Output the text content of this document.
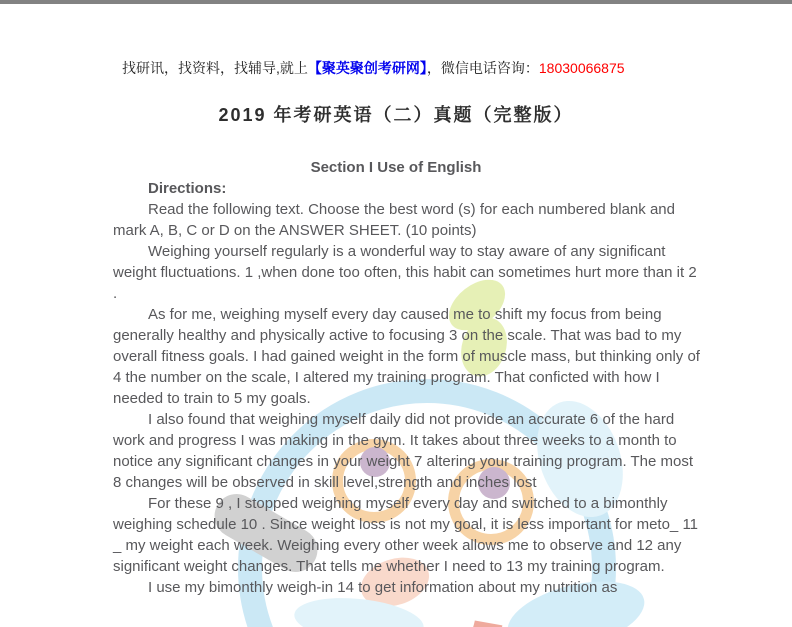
找研讯，找资料，找辅导,就上【聚英聚创考研网】，微信电话咨询：18030066875
2019 年考研英语（二）真题（完整版）
Section I Use of English

Directions:

Read the following text. Choose the best word (s) for each numbered blank and mark A, B, C or D on the ANSWER SHEET. (10 points)

Weighing yourself regularly is a wonderful way to stay aware of any significant weight fluctuations. 1 ,when done too often, this habit can sometimes hurt more than it 2 .

As for me, weighing myself every day caused me to shift my focus from being generally healthy and physically active to focusing 3 on the scale. That was bad to my overall fitness goals. I had gained weight in the form of muscle mass, but thinking only of 4 the number on the scale, I altered my training program. That conficted with how I needed to train to 5 my goals.

I also found that weighing myself daily did not provide an accurate 6 of the hard work and progress I was making in the gym. It takes about three weeks to a month to notice any significant changes in your weight 7 altering your training program. The most 8 changes will be observed in skill level,strength and inches lost

For these 9 , I stopped weighing myself every day and switched to a bimonthly weighing schedule 10 . Since weight loss is not my goal, it is less important for meto_ 11 _ my weight each week. Weighing every other week allows me to observe and 12 any significant weight changes. That tells me whether I need to 13 my training program.

I use my bimonthly weigh-in 14 to get information about my nutrition as
